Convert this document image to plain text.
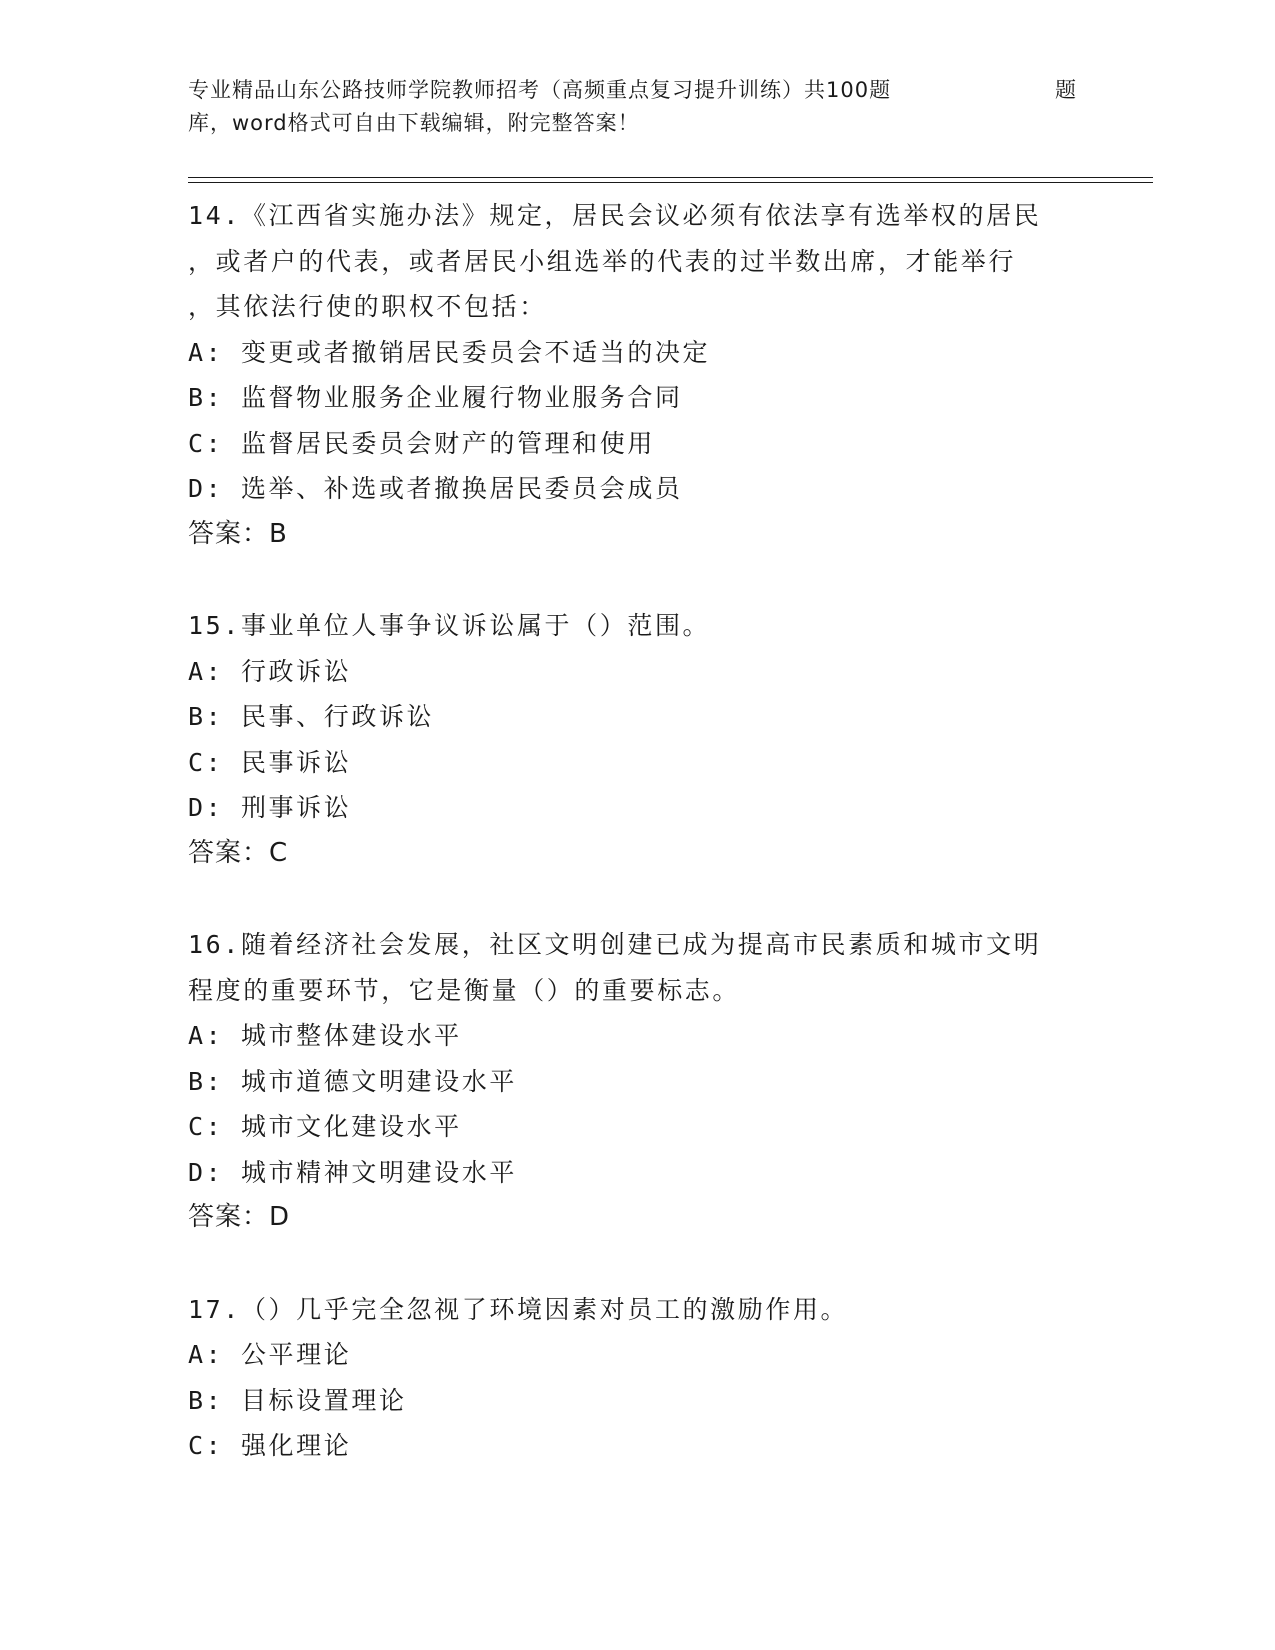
专业精品山东公路技师学院教师招考（高频重点复习提升训练）共100题	题
库，word格式可自由下载编辑，附完整答案！
14.《江西省实施办法》规定，居民会议必须有依法享有选举权的居民
，或者户的代表，或者居民小组选举的代表的过半数出席，才能举行
，其依法行使的职权不包括：
A: 变更或者撤销居民委员会不适当的决定
B: 监督物业服务企业履行物业服务合同
C: 监督居民委员会财产的管理和使用
D: 选举、补选或者撤换居民委员会成员
答案：B
15.事业单位人事争议诉讼属于（）范围。
A: 行政诉讼
B: 民事、行政诉讼
C: 民事诉讼
D: 刑事诉讼
答案：C
16.随着经济社会发展，社区文明创建已成为提高市民素质和城市文明
程度的重要环节，它是衡量（）的重要标志。
A: 城市整体建设水平
B: 城市道德文明建设水平
C: 城市文化建设水平
D: 城市精神文明建设水平
答案：D
17.（）几乎完全忽视了环境因素对员工的激励作用。
A: 公平理论
B: 目标设置理论
C: 强化理论
